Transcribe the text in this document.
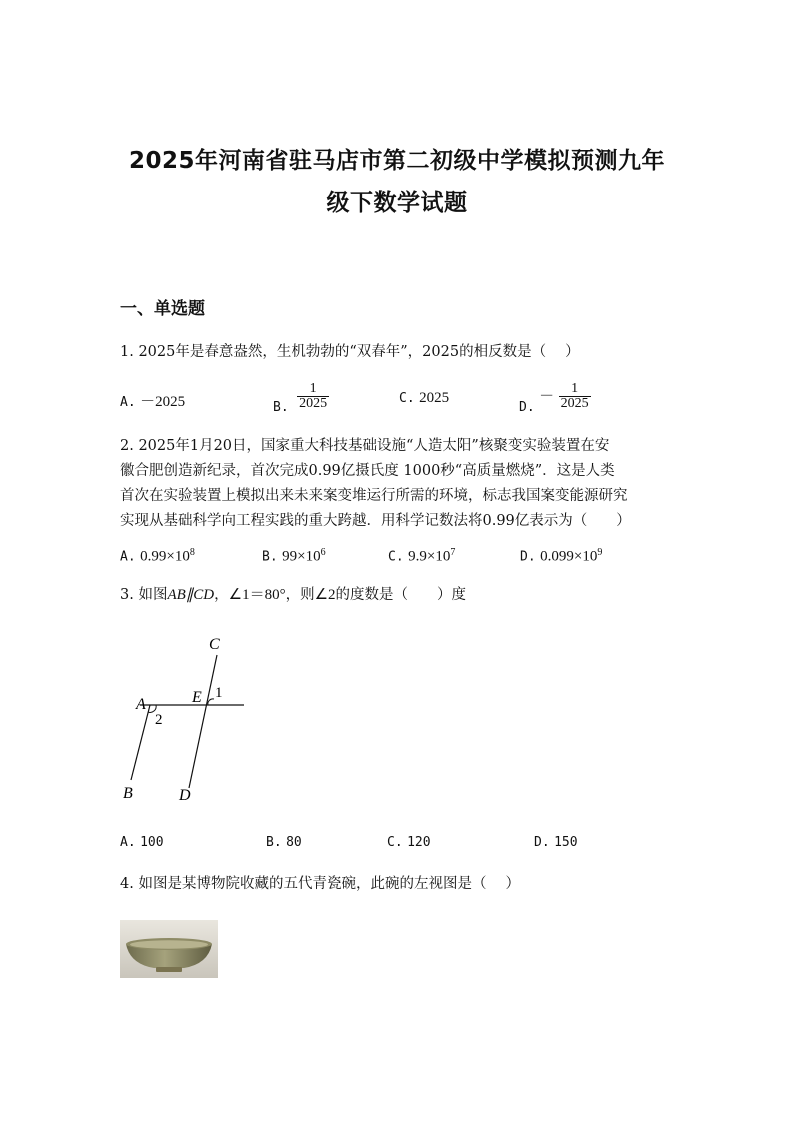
2025年河南省驻马店市第二初级中学模拟预测九年
级下数学试题
一、单选题
1. 2025年是春意盎然，生机勃勃的“双春年”，2025的相反数是（　 ）
A. －2025	B. $\frac{1}{2025}$	C. 2025
D. － $\frac{1}{2025}$
2. 2025年1月20日，国家重大科技基础设施“人造太阳”核聚变实验装置在安
徽合肥创造新纪录，首次完成0.99亿摄氏度 1000秒“高质量燃烧”．这是人类
首次在实验装置上模拟出来未来案变堆运行所需的环境，标志我国案变能源研究
实现从基础科学向工程实践的重大跨越．用科学记数法将0.99亿表示为（　　）
A. $0.99\times 10^8$	B. $99\times 10^6$	C. $9.9\times 10^7$	D. $0.099\times 10^9$
3. 如图AB∥CD，∠1＝80°，则∠2的度数是（　　）度
C
A	E 1
2
B	D
A. 100	B. 80	C. 120	D. 150
4. 如图是某博物院收藏的五代青瓷碗，此碗的左视图是（　 ）
